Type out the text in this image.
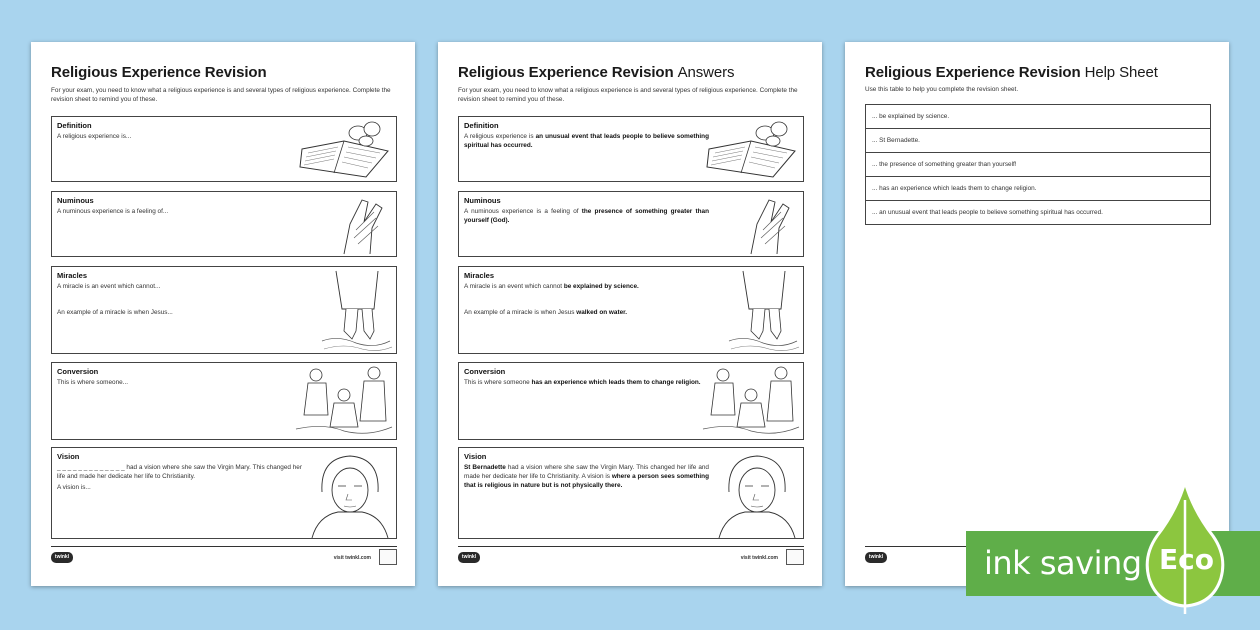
Religious Experience Revision
For your exam, you need to know what a religious experience is and several types of religious experience. Complete the revision sheet to remind you of these.
Definition
A religious experience is...
Numinous
A numinous experience is a feeling of...
Miracles
A miracle is an event which cannot...
An example of a miracle is when Jesus...
Conversion
This is where someone...
Vision
_ _ _ _ _ _ _ _ _ _ _ _ _ had a vision where she saw the Virgin Mary. This changed her life and made her dedicate her life to Christianity.
A vision is...
twinkl	visit twinkl.com
Religious Experience Revision Answers
For your exam, you need to know what a religious experience is and several types of religious experience. Complete the revision sheet to remind you of these.
Definition
A religious experience is an unusual event that leads people to believe something spiritual has occurred.
Numinous
A numinous experience is a feeling of the presence of something greater than yourself (God).
Miracles
A miracle is an event which cannot be explained by science.
An example of a miracle is when Jesus walked on water.
Conversion
This is where someone has an experience which leads them to change religion.
Vision
St Bernadette had a vision where she saw the Virgin Mary. This changed her life and made her dedicate her life to Christianity. A vision is where a person sees something that is religious in nature but is not physically there.
twinkl	visit twinkl.com
Religious Experience Revision Help Sheet
Use this table to help you complete the revision sheet.
... be explained by science.
... St Bernadette.
... the presence of something greater than yourself!
... has an experience which leads them to change religion.
... an unusual event that leads people to believe something spiritual has occurred.
twinkl	ink saving Eco
